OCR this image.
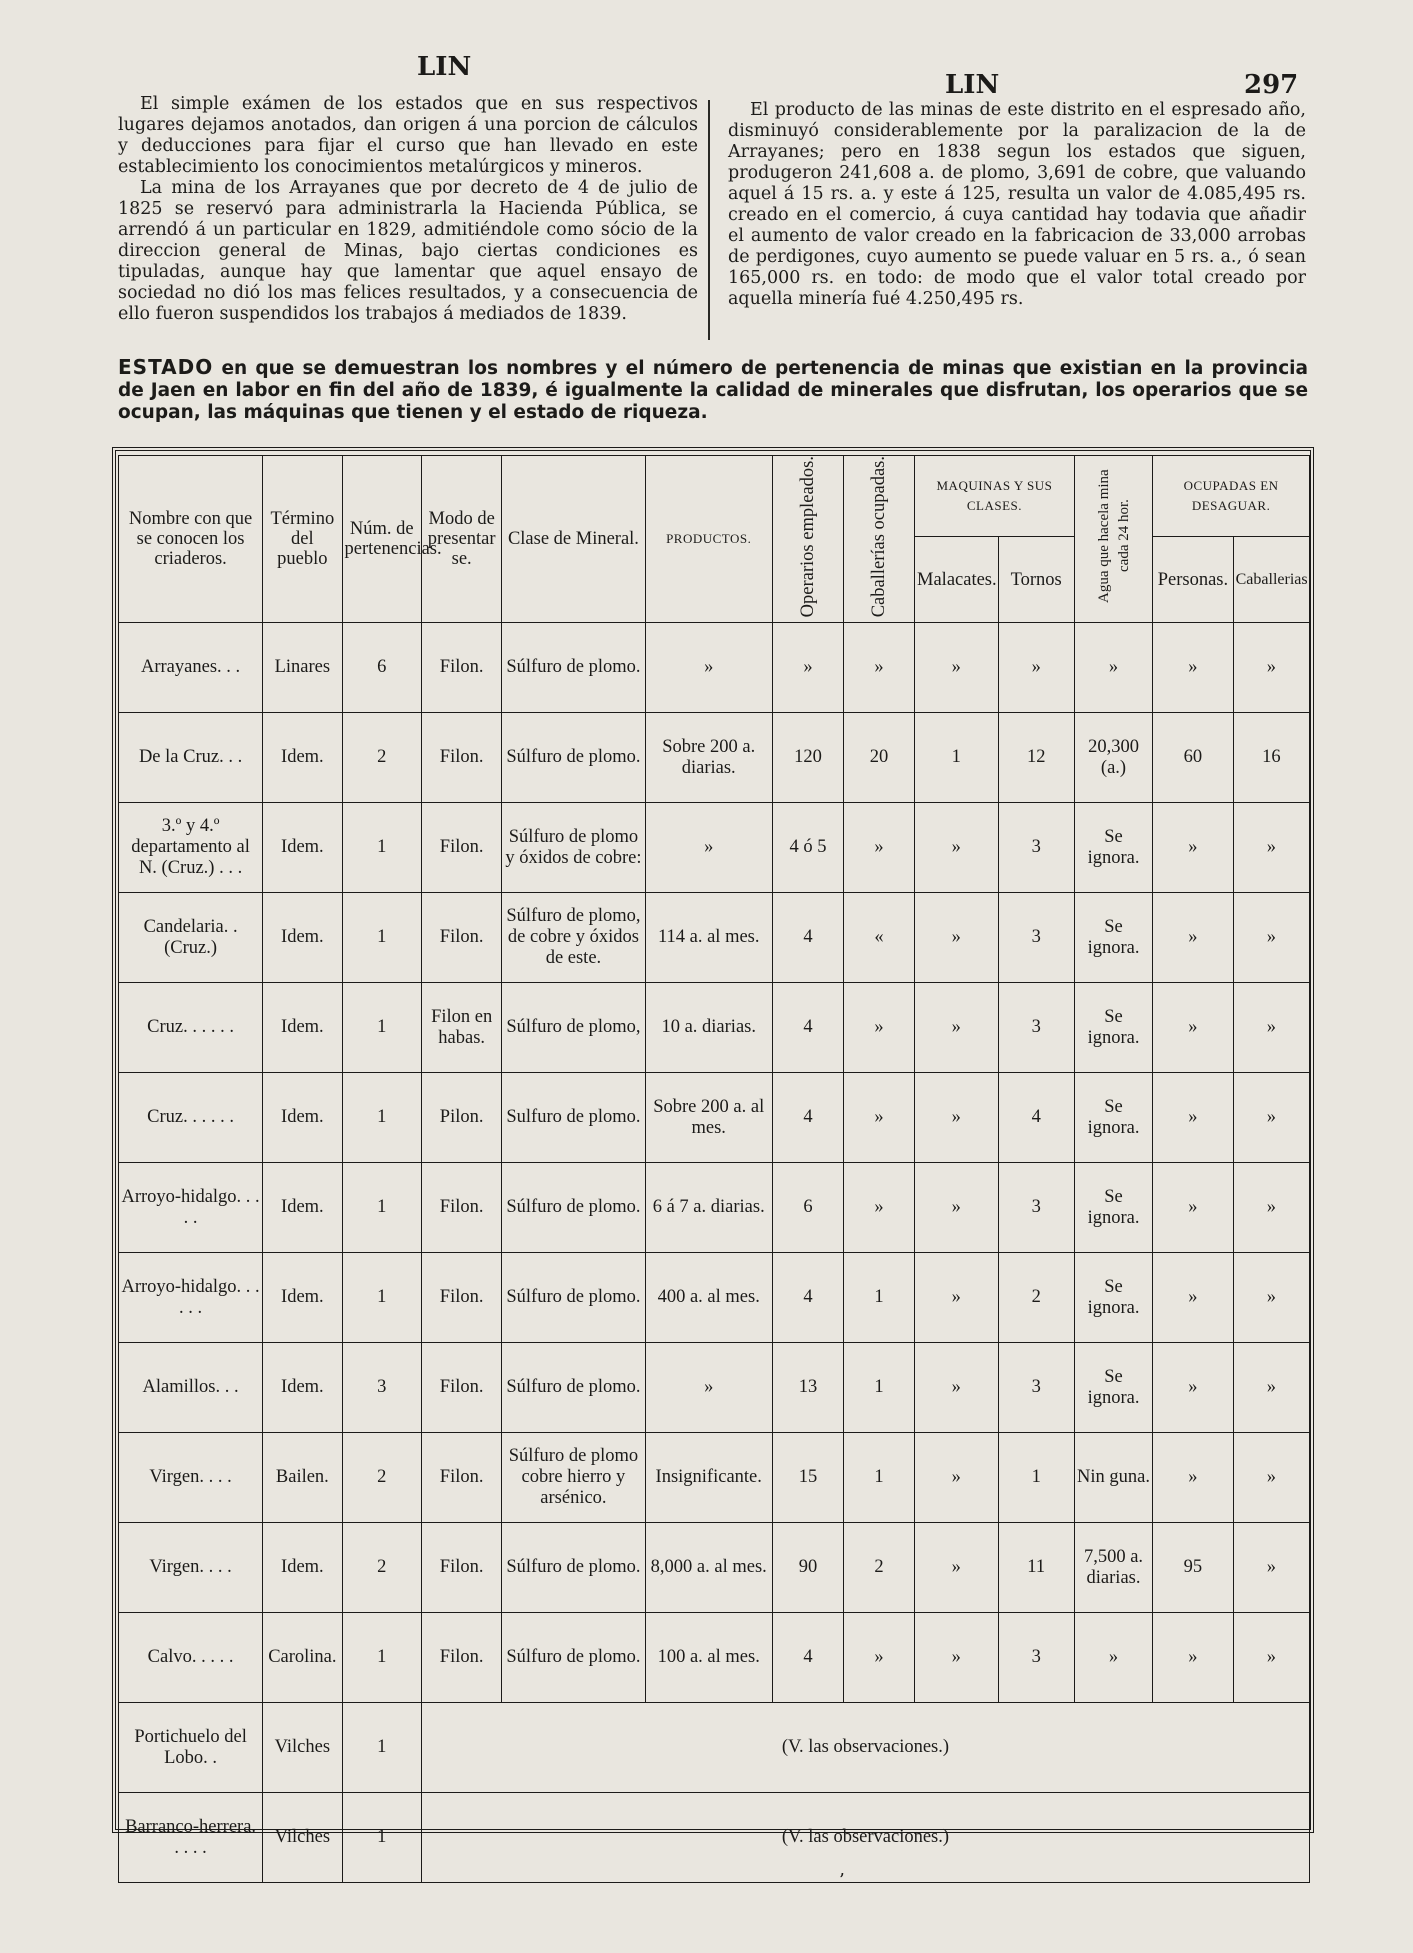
LIN
LIN	297

El simple exámen de los estados que en sus respectivos lugares dejamos anotados, dan origen á una porcion de cálculos y deducciones para fijar el curso que han llevado en este establecimiento los conocimientos metalúrgicos y mineros.

La mina de los Arrayanes que por decreto de 4 de julio de 1825 se reservó para administrarla la Hacienda Pública, se arrendó á un particular en 1829, admitiéndole como sócio de la direccion general de Minas, bajo ciertas condiciones es tipuladas, aunque hay que lamentar que aquel ensayo de sociedad no dió los mas felices resultados, y a consecuencia de ello fueron suspendidos los trabajos á mediados de 1839.

El producto de las minas de este distrito en el espresado año, disminuyó considerablemente por la paralizacion de la de Arrayanes; pero en 1838 segun los estados que siguen, produgeron 241,608 a. de plomo, 3,691 de cobre, que valuando aquel á 15 rs. a. y este á 125, resulta un valor de 4.085,495 rs. creado en el comercio, á cuya cantidad hay todavia que añadir el aumento de valor creado en la fabricacion de 33,000 arrobas de perdigones, cuyo aumento se puede valuar en 5 rs. a., ó sean 165,000 rs. en todo: de modo que el valor total creado por aquella minería fué 4.250,495 rs.

ESTADO en que se demuestran los nombres y el número de pertenencia de minas que existian en la provincia de Jaen en labor en fin del año de 1839, é igualmente la calidad de minerales que disfrutan, los operarios que se ocupan, las máquinas que tienen y el estado de riqueza.
Nombre con que se conocen los criaderos.	Término del pueblo	Núm. de pertenencias.	Modo de presentar se.	Clase de Mineral.	PRODUCTOS.	Operarios empleados.	Caballerías ocupadas.	MAQUINAS Y SUS CLASES.		Agua que hacela mina cada 24 hor.	OCUPADAS EN DESAGUAR.	
								Malacates.	Tornos		Personas.	Caballerias
Arrayanes. . .	Linares	6	Filon.	Súlfuro de plomo.	»	»	»	»	»	»	»	»
De la Cruz. . .	Idem.	2	Filon.	Súlfuro de plomo.	Sobre 200 a. diarias.	120	20	1	12	20,300 (a.)	60	16
3.º y 4.º departamento al N. (Cruz.) . . .	Idem.	1	Filon.	Súlfuro de plomo y óxidos de cobre:	»	4 ó 5	»	»	3	Se ignora.	»	»
Candelaria. . (Cruz.)	Idem.	1	Filon.	Súlfuro de plomo, de cobre y óxidos de este.	114 a. al mes.	4	«	»	3	Se ignora.	»	»
Cruz. . . . . .	Idem.	1	Filon en habas.	Súlfuro de plomo,	10 a. diarias.	4	»	»	3	Se ignora.	»	»
Cruz. . . . . .	Idem.	1	Pilon.	Sulfuro de plomo.	Sobre 200 a. al mes.	4	»	»	4	Se ignora.	»	»
Arroyo-hidalgo. . . . .	Idem.	1	Filon.	Súlfuro de plomo.	6 á 7 a. diarias.	6	»	»	3	Se ignora.	»	»
Arroyo-hidalgo. . . . . .	Idem.	1	Filon.	Súlfuro de plomo.	400 a. al mes.	4	1	»	2	Se ignora.	»	»
Alamillos. . .	Idem.	3	Filon.	Súlfuro de plomo.	»	13	1	»	3	Se ignora.	»	»
Virgen. . . .	Bailen.	2	Filon.	Súlfuro de plomo cobre hierro y arsénico.	Insignificante.	15	1	»	1	Nin guna.	»	»
Virgen. . . .	Idem.	2	Filon.	Súlfuro de plomo.	8,000 a. al mes.	90	2	»	11	7,500 a. diarias.	95	»
Calvo. . . . .	Carolina.	1	Filon.	Súlfuro de plomo.	100 a. al mes.	4	»	»	3	»	»	»
Portichuelo del Lobo. .	Vilches	1	(V. las observaciones.)									
Barranco-herrera. . . . .	Vilches	1	(V. las observaciones.)									
’
